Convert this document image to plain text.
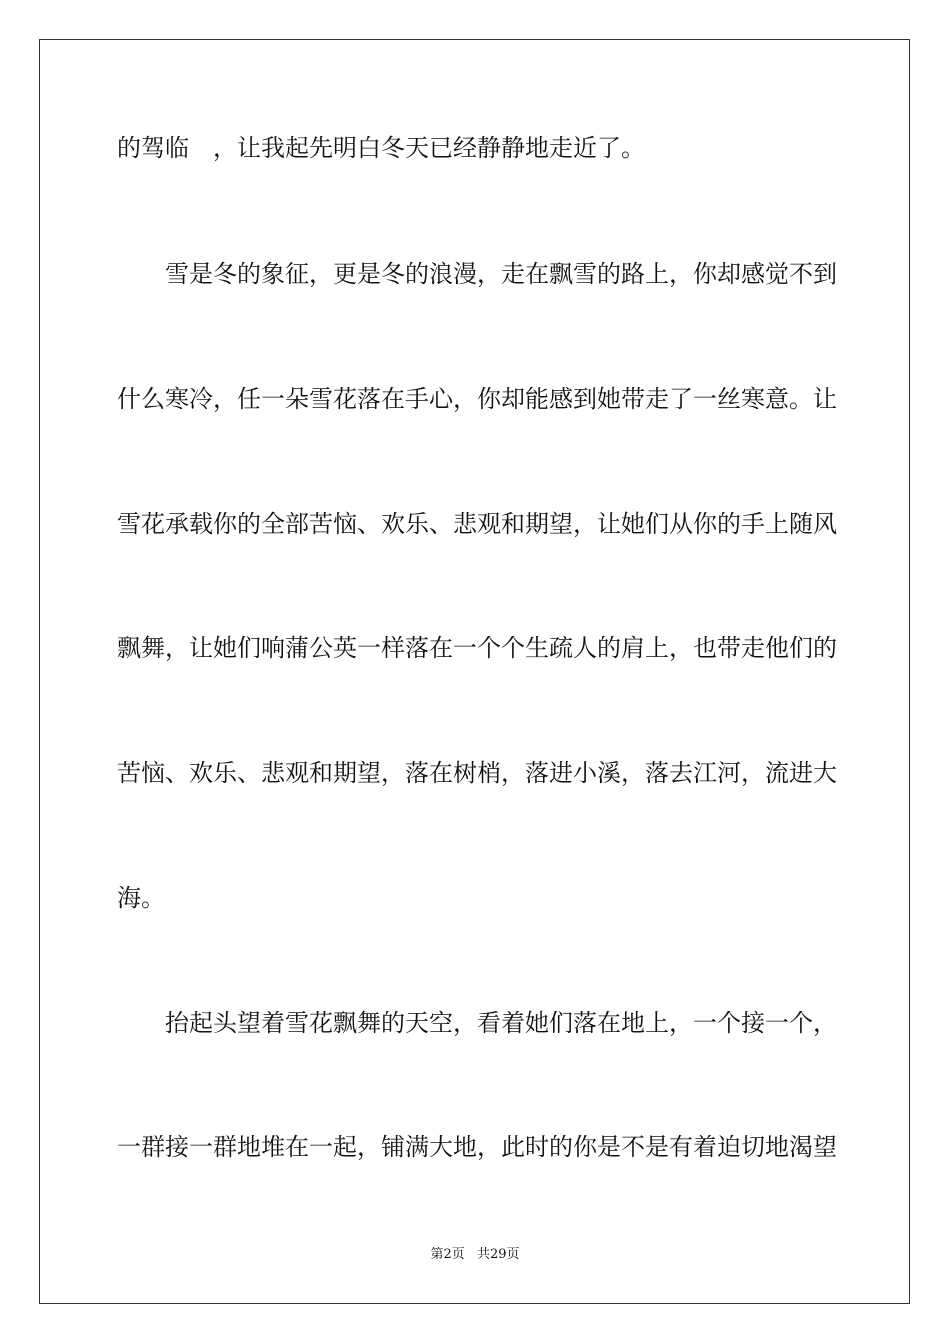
的驾临　，让我起先明白冬天已经静静地走近了。
雪是冬的象征，更是冬的浪漫，走在飘雪的路上，你却感觉不到
什么寒冷，任一朵雪花落在手心，你却能感到她带走了一丝寒意。让
雪花承载你的全部苦恼、欢乐、悲观和期望，让她们从你的手上随风
飘舞，让她们响蒲公英一样落在一个个生疏人的肩上，也带走他们的
苦恼、欢乐、悲观和期望，落在树梢，落进小溪，落去江河，流进大
海。
抬起头望着雪花飘舞的天空，看着她们落在地上，一个接一个，
一群接一群地堆在一起，铺满大地，此时的你是不是有着迫切地渴望
第2页 共29页
